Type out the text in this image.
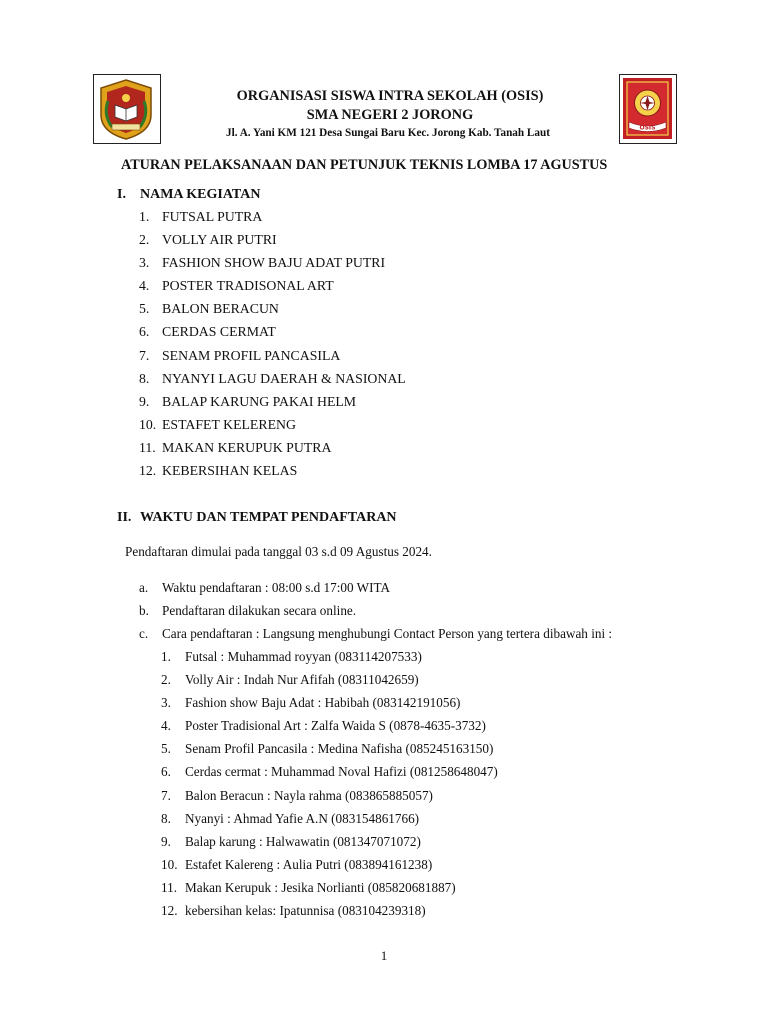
OSIS
ORGANISASI SISWA INTRA SEKOLAH (OSIS)
SMA NEGERI 2 JORONG
Jl. A. Yani KM 121 Desa Sungai Baru Kec. Jorong Kab. Tanah Laut
ATURAN PELAKSANAAN DAN PETUNJUK TEKNIS LOMBA 17 AGUSTUS
I. NAMA KEGIATAN
1. FUTSAL PUTRA
2. VOLLY AIR PUTRI
3. FASHION SHOW BAJU ADAT PUTRI
4. POSTER TRADISONAL ART
5. BALON BERACUN
6. CERDAS CERMAT
7. SENAM PROFIL PANCASILA
8. NYANYI LAGU DAERAH & NASIONAL
9. BALAP KARUNG PAKAI HELM
10. ESTAFET KELERENG
11. MAKAN KERUPUK PUTRA
12. KEBERSIHAN KELAS
II. WAKTU DAN TEMPAT PENDAFTARAN
Pendaftaran dimulai pada tanggal 03 s.d 09 Agustus 2024.
a. Waktu pendaftaran : 08:00 s.d 17:00 WITA
b. Pendaftaran dilakukan secara online.
c. Cara pendaftaran : Langsung menghubungi Contact Person yang tertera dibawah ini :
1. Futsal : Muhammad royyan (083114207533)
2. Volly Air : Indah Nur Afifah (08311042659)
3. Fashion show Baju Adat : Habibah (083142191056)
4. Poster Tradisional Art : Zalfa Waida S (0878-4635-3732)
5. Senam Profil Pancasila : Medina Nafisha (085245163150)
6. Cerdas cermat : Muhammad Noval Hafizi (081258648047)
7. Balon Beracun : Nayla rahma (083865885057)
8. Nyanyi : Ahmad Yafie A.N (083154861766)
9. Balap karung : Halwawatin (081347071072)
10. Estafet Kalereng : Aulia Putri (083894161238)
11. Makan Kerupuk : Jesika Norlianti (085820681887)
12. kebersihan kelas: Ipatunnisa (083104239318)
1
